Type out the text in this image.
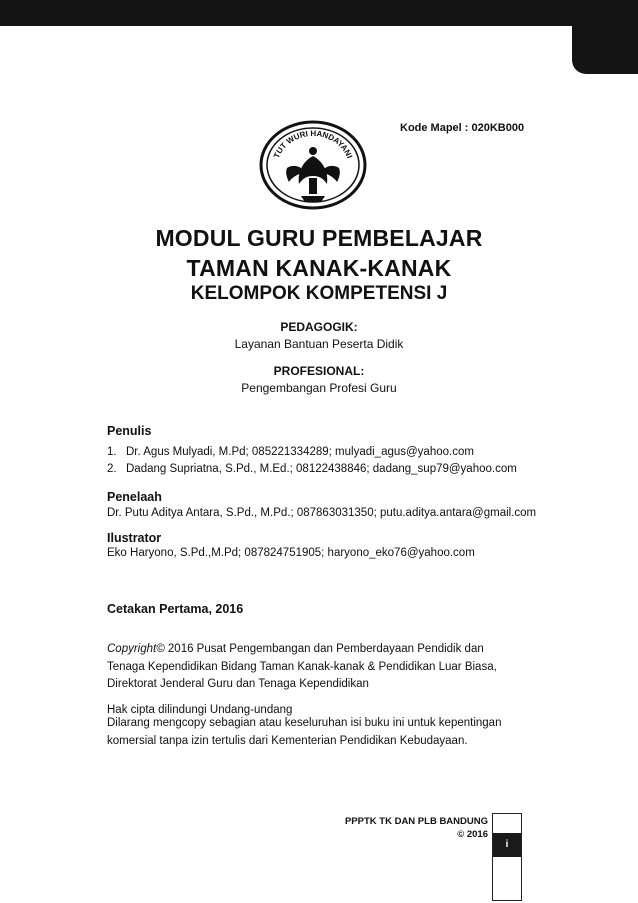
TUT WURI HANDAYANI
Kode Mapel : 020KB000
MODUL GURU PEMBELAJAR
TAMAN KANAK-KANAK
KELOMPOK KOMPETENSI J
PEDAGOGIK:
Layanan Bantuan Peserta Didik
PROFESIONAL:
Pengembangan Profesi Guru
Penulis
1. Dr. Agus Mulyadi, M.Pd; 085221334289; mulyadi_agus@yahoo.com
2. Dadang Supriatna, S.Pd., M.Ed.; 08122438846; dadang_sup79@yahoo.com
Penelaah
Dr. Putu Aditya Antara, S.Pd., M.Pd.; 087863031350; putu.aditya.antara@gmail.com
Ilustrator
Eko Haryono, S.Pd.,M.Pd; 087824751905; haryono_eko76@yahoo.com
Cetakan Pertama, 2016
Copyright© 2016 Pusat Pengembangan dan Pemberdayaan Pendidik dan
Tenaga Kependidikan Bidang Taman Kanak-kanak & Pendidikan Luar Biasa,
Direktorat Jenderal Guru dan Tenaga Kependidikan
Hak cipta dilindungi Undang-undang
Dilarang mengcopy sebagian atau keseluruhan isi buku ini untuk kepentingan
komersial tanpa izin tertulis dari Kementerian Pendidikan Kebudayaan.
PPPTK TK DAN PLB BANDUNG
© 2016
i
